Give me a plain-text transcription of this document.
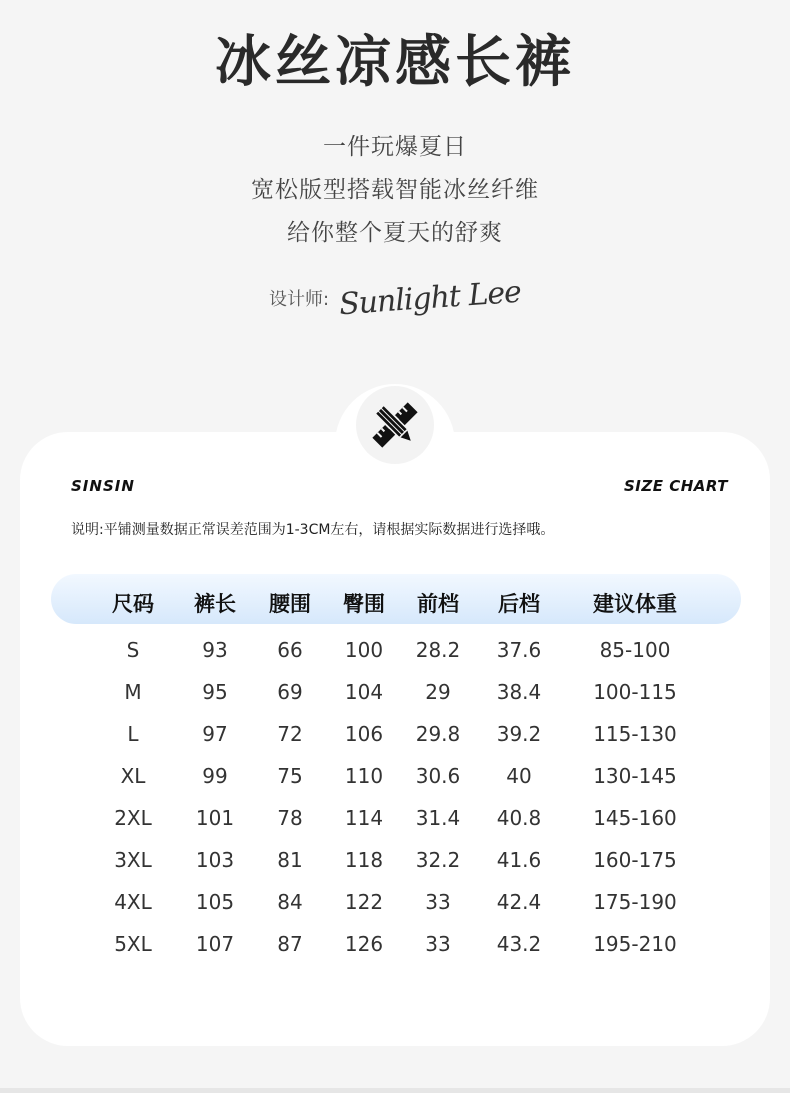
冰丝凉感长裤
一件玩爆夏日
宽松版型搭载智能冰丝纤维
给你整个夏天的舒爽
设计师: Sunlight Lee
SINSIN	SIZE CHART
说明:平铺测量数据正常误差范围为1-3CM左右，请根据实际数据进行选择哦。
尺码 裤长 腰围 臀围 前档 后档	建议体重
S	93 66 100 28.2 37.6	85-100
M	95 69 104 29 38.4	100-115
L	97 72 106 29.8 39.2	115-130
XL	99 75 110 30.6 40	130-145
2XL 101 78 114 31.4 40.8	145-160
3XL 103 81 118 32.2 41.6	160-175
4XL 105 84 122 33 42.4	175-190
5XL 107 87 126 33 43.2	195-210
